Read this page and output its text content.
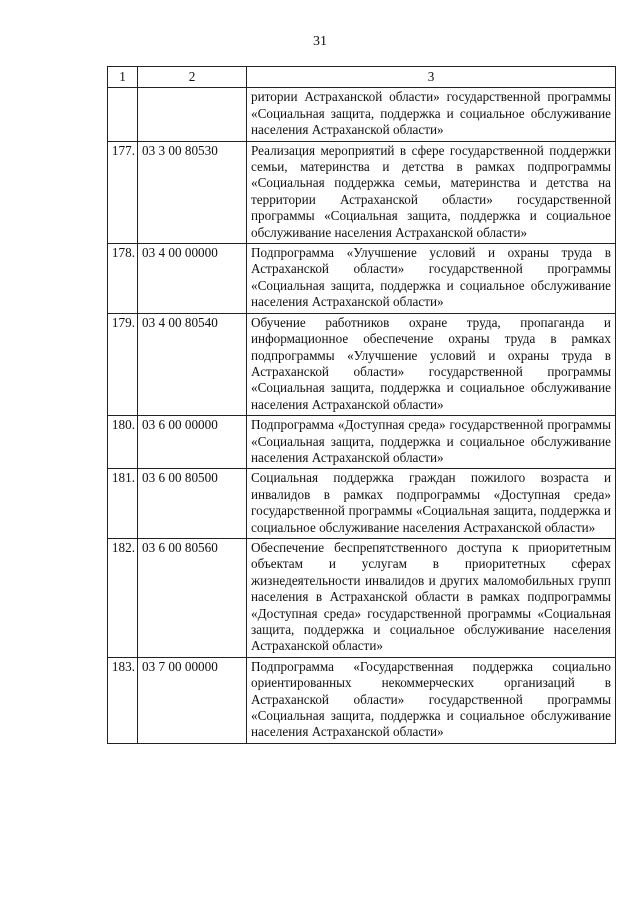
31
1	2	3
		ритории Астраханской области» государственной программы «Социальная защита, поддержка и социальное обслуживание населения Астраханской области»
177.	03 3 00 80530	Реализация мероприятий в сфере государственной поддержки семьи, материнства и детства в рамках подпрограммы «Социальная поддержка семьи, материнства и детства на территории Астраханской области» государственной программы «Социальная защита, поддержка и социальное обслуживание населения Астраханской области»
178.	03 4 00 00000	Подпрограмма «Улучшение условий и охраны труда в Астраханской области» государственной программы «Социальная защита, поддержка и социальное обслуживание населения Астраханской области»
179.	03 4 00 80540	Обучение работников охране труда, пропаганда и информационное обеспечение охраны труда в рамках подпрограммы «Улучшение условий и охраны труда в Астраханской области» государственной программы «Социальная защита, поддержка и социальное обслуживание населения Астраханской области»
180.	03 6 00 00000	Подпрограмма «Доступная среда» государственной программы «Социальная защита, поддержка и социальное обслуживание населения Астраханской области»
181.	03 6 00 80500	Социальная поддержка граждан пожилого возраста и инвалидов в рамках подпрограммы «Доступная среда» государственной программы «Социальная защита, поддержка и социальное обслуживание населения Астраханской области»
182.	03 6 00 80560	Обеспечение беспрепятственного доступа к приоритетным объектам и услугам в приоритетных сферах жизнедеятельности инвалидов и других маломобильных групп населения в Астраханской области в рамках подпрограммы «Доступная среда» государственной программы «Социальная защита, поддержка и социальное обслуживание населения Астраханской области»
183.	03 7 00 00000	Подпрограмма «Государственная поддержка социально ориентированных некоммерческих организаций в Астраханской области» государственной программы «Социальная защита, поддержка и социальное обслуживание населения Астраханской области»
